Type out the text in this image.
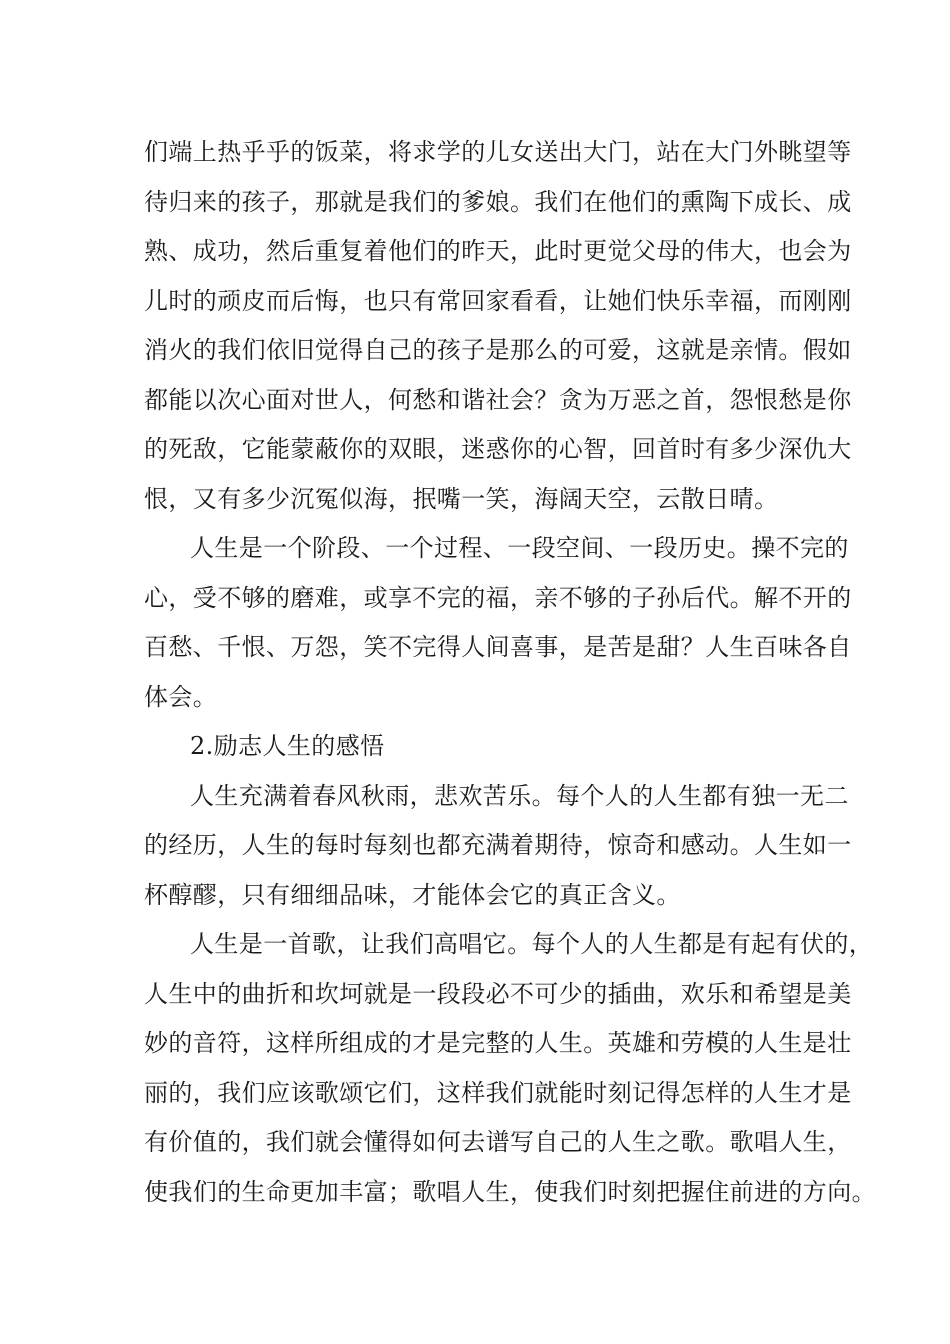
们端上热乎乎的饭菜，将求学的儿女送出大门，站在大门外眺望等
待归来的孩子，那就是我们的爹娘。我们在他们的熏陶下成长、成
熟、成功，然后重复着他们的昨天，此时更觉父母的伟大，也会为
儿时的顽皮而后悔，也只有常回家看看，让她们快乐幸福，而刚刚
消火的我们依旧觉得自己的孩子是那么的可爱，这就是亲情。假如
都能以次心面对世人，何愁和谐社会？贪为万恶之首，怨恨愁是你
的死敌，它能蒙蔽你的双眼，迷惑你的心智，回首时有多少深仇大
恨，又有多少沉冤似海，抿嘴一笑，海阔天空，云散日晴。
人生是一个阶段、一个过程、一段空间、一段历史。操不完的
心，受不够的磨难，或享不完的福，亲不够的子孙后代。解不开的
百愁、千恨、万怨，笑不完得人间喜事，是苦是甜？人生百味各自
体会。
2.励志人生的感悟
人生充满着春风秋雨，悲欢苦乐。每个人的人生都有独一无二
的经历，人生的每时每刻也都充满着期待，惊奇和感动。人生如一
杯醇醪，只有细细品味，才能体会它的真正含义。
人生是一首歌，让我们高唱它。每个人的人生都是有起有伏的，
人生中的曲折和坎坷就是一段段必不可少的插曲，欢乐和希望是美
妙的音符，这样所组成的才是完整的人生。英雄和劳模的人生是壮
丽的，我们应该歌颂它们，这样我们就能时刻记得怎样的人生才是
有价值的，我们就会懂得如何去谱写自己的人生之歌。歌唱人生，
使我们的生命更加丰富；歌唱人生，使我们时刻把握住前进的方向。
